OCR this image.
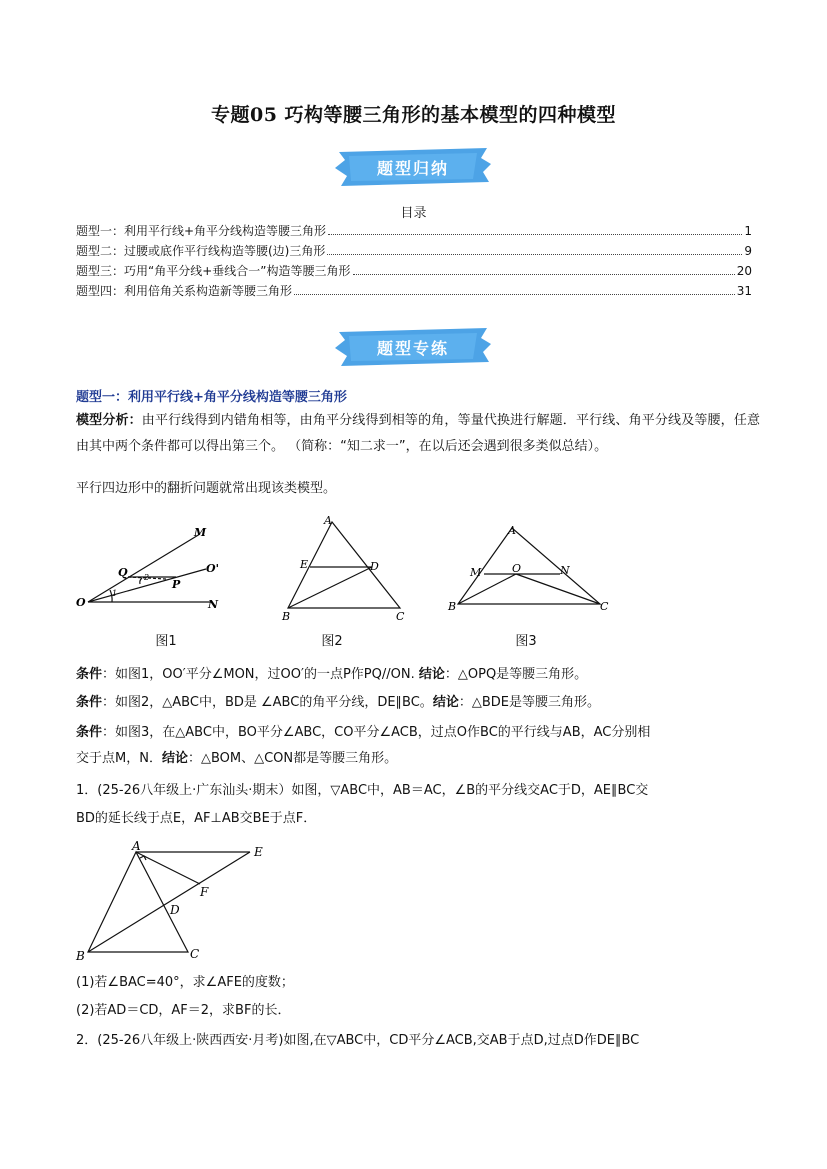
专题05 巧构等腰三角形的基本模型的四种模型
题型归纳
目录
题型一：利用平行线+角平分线构造等腰三角形	1
题型二：过腰或底作平行线构造等腰(边)三角形	9
题型三：巧用“角平分线+垂线合一”构造等腰三角形	20
题型四：利用倍角关系构造新等腰三角形	31
题型专练
题型一：利用平行线+角平分线构造等腰三角形
模型分析：由平行线得到内错角相等，由角平分线得到相等的角，等量代换进行解题．平行线、角平分线及等腰，任意由其中两个条件都可以得出第三个。 （简称：“知二求一”，在以后还会遇到很多类似总结）。
平行四边形中的翻折问题就常出现该类模型。
M
Q	O'
P
O	N
1
2
图1
A
E	D
B	C
图2
A
M	O	N
B	C
图3
条件：如图1，OO′平分∠MON，过OO′的一点P作PQ//ON. 结论：△OPQ是等腰三角形。
条件：如图2，△ABC中，BD是 ∠ABC的角平分线，DE∥BC。结论：△BDE是等腰三角形。
条件：如图3，在△ABC中，BO平分∠ABC，CO平分∠ACB，过点O作BC的平行线与AB，AC分别相
交于点M，N．结论：△BOM、△CON都是等腰三角形。
1．(25-26八年级上·广东汕头·期末）如图，▽ABC中，AB＝AC，∠B的平分线交AC于D，AE∥BC交
BD的延长线于点E，AF⊥AB交BE于点F．
A	E
F
D
B	C
(1)若∠BAC=40°，求∠AFE的度数；
(2)若AD＝CD，AF＝2，求BF的长．
2．(25-26八年级上·陕西西安·月考)如图,在▽ABC中，CD平分∠ACB,交AB于点D,过点D作DE∥BC
